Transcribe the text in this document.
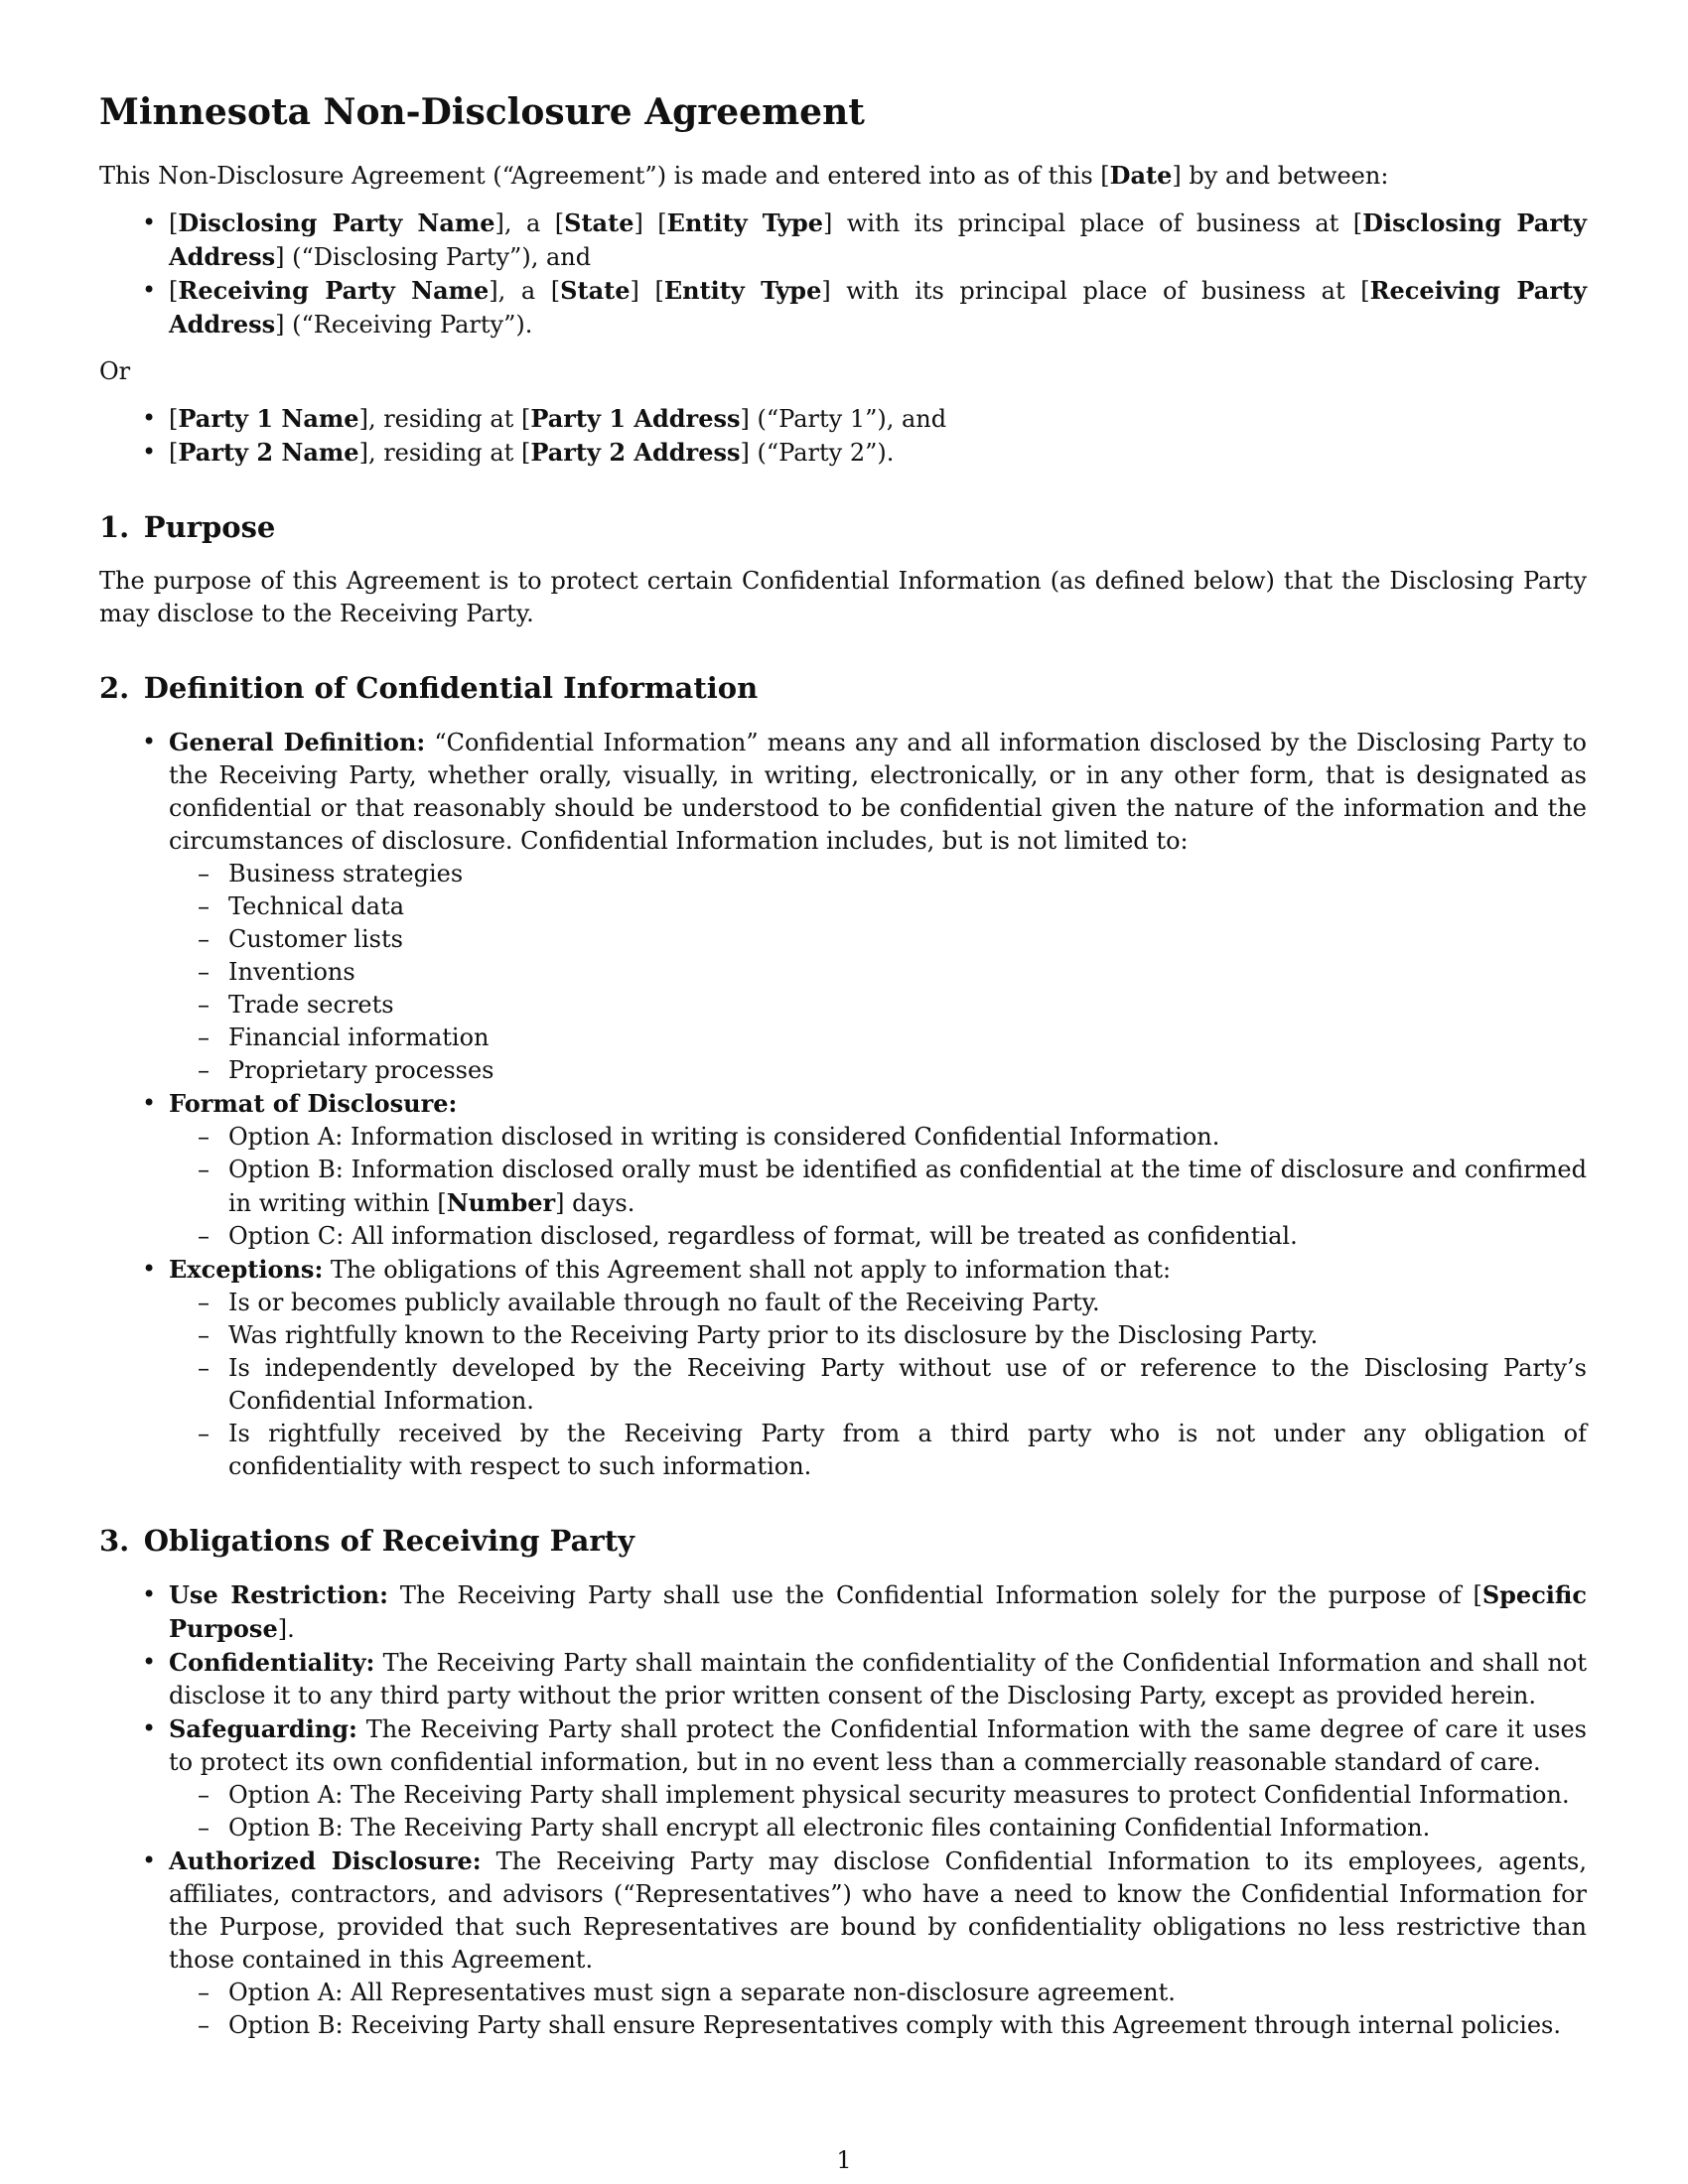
Minnesota Non-Disclosure Agreement

This Non-Disclosure Agreement (“Agreement”) is made and entered into as of this [Date] by and between:

• [Disclosing Party Name], a [State] [Entity Type] with its principal place of business at [Disclosing Party Address] (“Disclosing Party”), and
• [Receiving Party Name], a [State] [Entity Type] with its principal place of business at [Receiving Party Address] (“Receiving Party”).

Or

• [Party 1 Name], residing at [Party 1 Address] (“Party 1”), and
• [Party 2 Name], residing at [Party 2 Address] (“Party 2”).
1. Purpose

The purpose of this Agreement is to protect certain Confidential Information (as defined below) that the Disclosing Party may disclose to the Receiving Party.

2. Definition of Confidential Information
• General Definition: “Confidential Information” means any and all information disclosed by the Disclosing Party to the Receiving Party, whether orally, visually, in writing, electronically, or in any other form, that is designated as confidential or that reasonably should be understood to be confidential given the nature of the information and the circumstances of disclosure. Confidential Information includes, but is not limited to:
– Business strategies
– Technical data
– Customer lists
– Inventions
– Trade secrets
– Financial information
– Proprietary processes
• Format of Disclosure:
– Option A: Information disclosed in writing is considered Confidential Information.
– Option B: Information disclosed orally must be identified as confidential at the time of disclosure and confirmed in writing within [Number] days.
– Option C: All information disclosed, regardless of format, will be treated as confidential.
• Exceptions: The obligations of this Agreement shall not apply to information that:
– Is or becomes publicly available through no fault of the Receiving Party.
– Was rightfully known to the Receiving Party prior to its disclosure by the Disclosing Party.
– Is independently developed by the Receiving Party without use of or reference to the Disclosing Party’s Confidential Information.
– Is rightfully received by the Receiving Party from a third party who is not under any obligation of confidentiality with respect to such information.
3. Obligations of Receiving Party
• Use Restriction: The Receiving Party shall use the Confidential Information solely for the purpose of [Specific Purpose].
• Confidentiality: The Receiving Party shall maintain the confidentiality of the Confidential Information and shall not disclose it to any third party without the prior written consent of the Disclosing Party, except as provided herein.
• Safeguarding: The Receiving Party shall protect the Confidential Information with the same degree of care it uses to protect its own confidential information, but in no event less than a commercially reasonable standard of care.
– Option A: The Receiving Party shall implement physical security measures to protect Confidential Information.
– Option B: The Receiving Party shall encrypt all electronic files containing Confidential Information.
• Authorized Disclosure: The Receiving Party may disclose Confidential Information to its employees, agents, affiliates, contractors, and advisors (“Representatives”) who have a need to know the Confidential Information for the Purpose, provided that such Representatives are bound by confidentiality obligations no less restrictive than those contained in this Agreement.
– Option A: All Representatives must sign a separate non-disclosure agreement.
– Option B: Receiving Party shall ensure Representatives comply with this Agreement through internal policies.
1
